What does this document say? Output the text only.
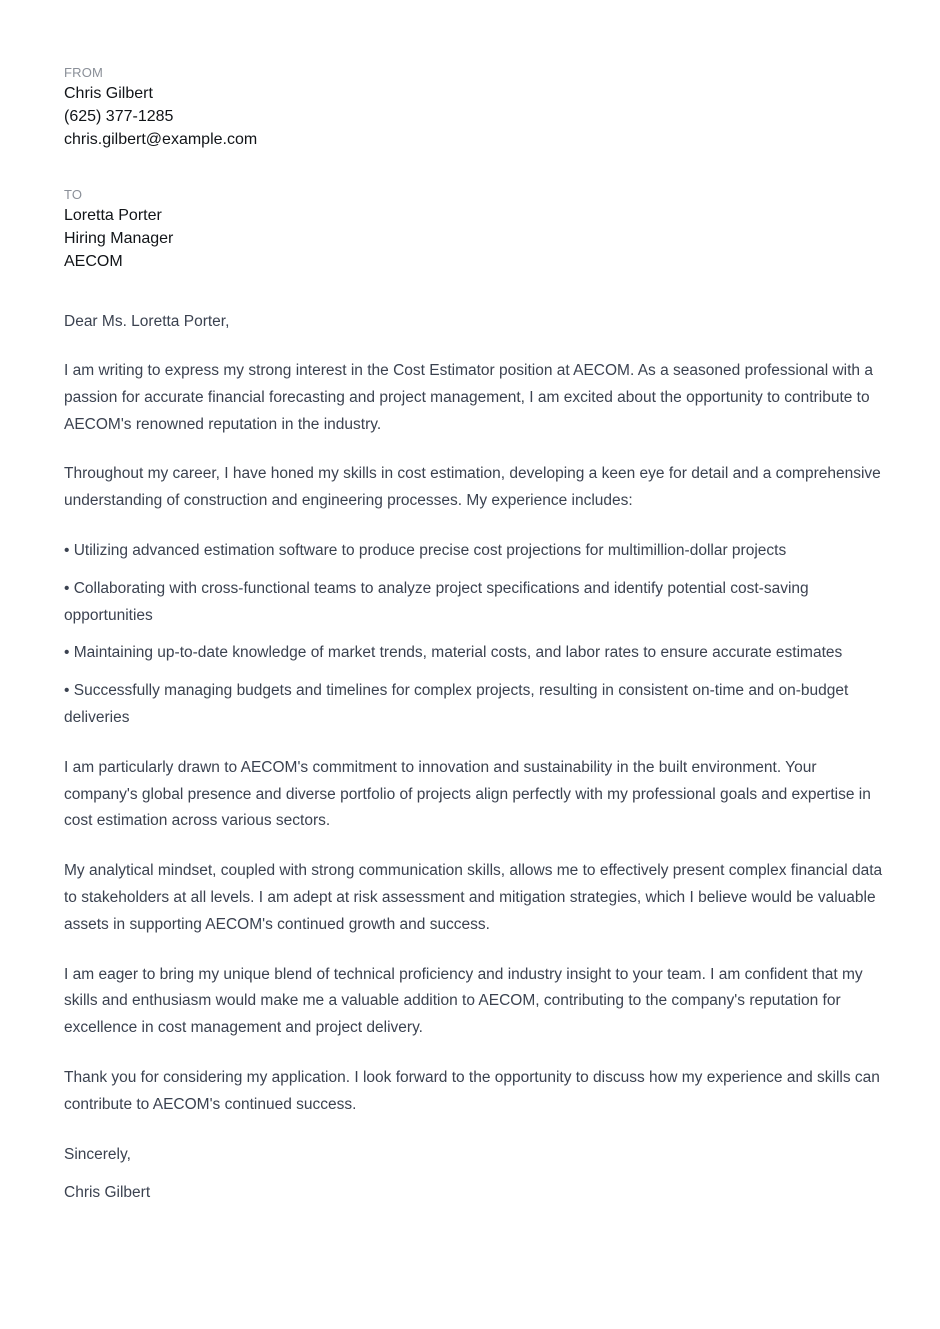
FROM

Chris Gilbert

(625) 377-1285

chris.gilbert@example.com

TO

Loretta Porter

Hiring Manager

AECOM

Dear Ms. Loretta Porter,
I am writing to express my strong interest in the Cost Estimator position at AECOM. As a seasoned professional with a passion for accurate financial forecasting and project management, I am excited about the opportunity to contribute to AECOM's renowned reputation in the industry.
Throughout my career, I have honed my skills in cost estimation, developing a keen eye for detail and a comprehensive understanding of construction and engineering processes. My experience includes:
• Utilizing advanced estimation software to produce precise cost projections for multimillion-dollar projects
• Collaborating with cross-functional teams to analyze project specifications and identify potential cost-saving opportunities
• Maintaining up-to-date knowledge of market trends, material costs, and labor rates to ensure accurate estimates
• Successfully managing budgets and timelines for complex projects, resulting in consistent on-time and on-budget deliveries
I am particularly drawn to AECOM's commitment to innovation and sustainability in the built environment. Your company's global presence and diverse portfolio of projects align perfectly with my professional goals and expertise in cost estimation across various sectors.
My analytical mindset, coupled with strong communication skills, allows me to effectively present complex financial data to stakeholders at all levels. I am adept at risk assessment and mitigation strategies, which I believe would be valuable assets in supporting AECOM's continued growth and success.
I am eager to bring my unique blend of technical proficiency and industry insight to your team. I am confident that my skills and enthusiasm would make me a valuable addition to AECOM, contributing to the company's reputation for excellence in cost management and project delivery.
Thank you for considering my application. I look forward to the opportunity to discuss how my experience and skills can contribute to AECOM's continued success.
Sincerely,
Chris Gilbert
